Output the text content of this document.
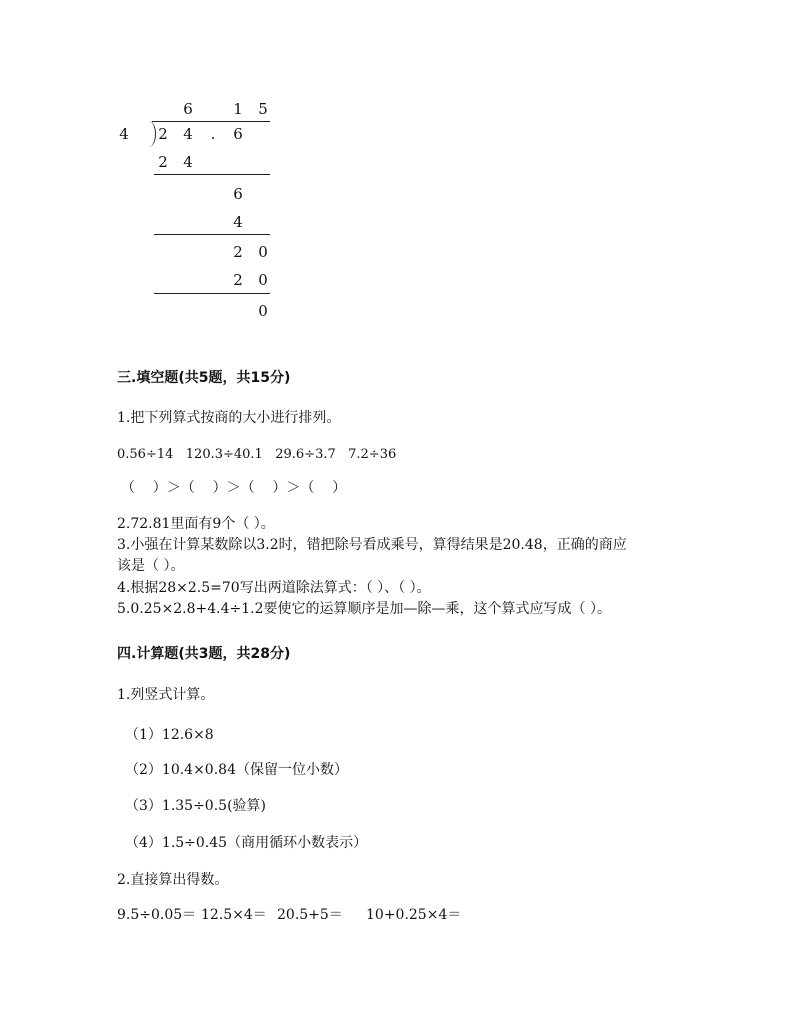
6	1 5
4 2 4	.	6
2 4
6
4
2 0
2 0
0
三.填空题(共5题，共15分)
1.把下列算式按商的大小进行排列。
0.56÷14   120.3÷40.1   29.6÷3.7   7.2÷36
（    ）＞（    ）＞（    ）＞（    ）
2.72.81里面有9个（ ）。
3.小强在计算某数除以3.2时，错把除号看成乘号，算得结果是20.48，正确的商应
该是（ ）。
4.根据28×2.5=70写出两道除法算式：（ ）、（ ）。
5.0.25×2.8+4.4÷1.2要使它的运算顺序是加—除—乘，这个算式应写成（ ）。
四.计算题(共3题，共28分)
1.列竖式计算。
（1）12.6×8
（2）10.4×0.84（保留一位小数）
（3）1.35÷0.5(验算)
（4）1.5÷0.45（商用循环小数表示）
2.直接算出得数。
9.5÷0.05＝ 12.5×4＝ 20.5+5＝ 10+0.25×4＝
